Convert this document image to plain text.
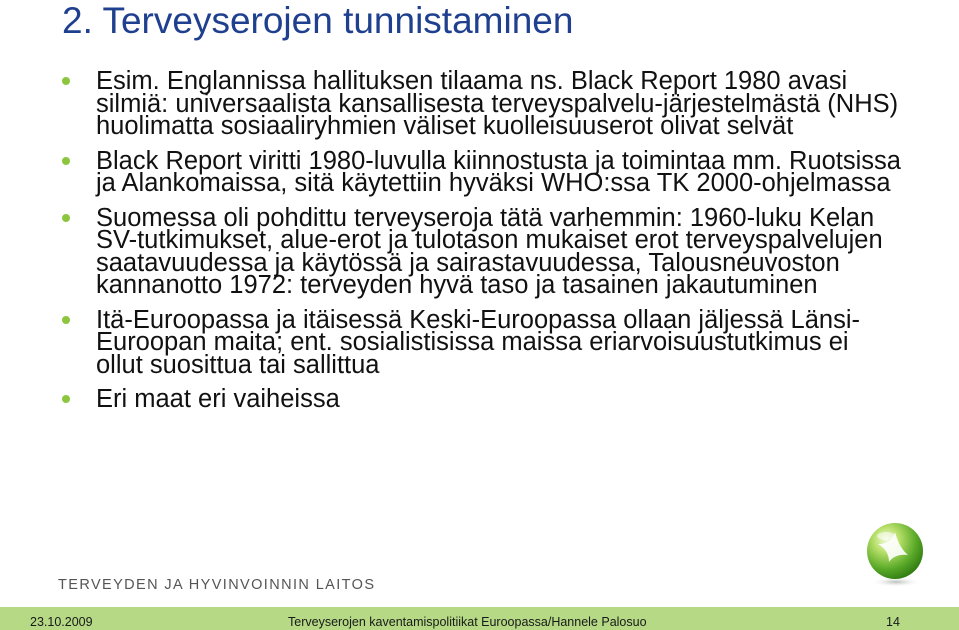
2. Terveyserojen tunnistaminen
Esim. Englannissa hallituksen tilaama ns. Black Report 1980 avasi silmiä: universaalista kansallisesta terveyspalvelu-järjestelmästä (NHS) huolimatta sosiaaliryhmien väliset kuolleisuuserot olivat selvät
Black Report viritti 1980-luvulla kiinnostusta ja toimintaa mm. Ruotsissa ja Alankomaissa, sitä käytettiin hyväksi WHO:ssa TK 2000-ohjelmassa
Suomessa oli pohdittu terveyseroja tätä varhemmin: 1960-luku Kelan SV-tutkimukset, alue-erot ja tulotason mukaiset erot terveyspalvelujen saatavuudessa ja käytössä ja sairastavuudessa, Talousneuvoston kannanotto 1972: terveyden hyvä taso ja tasainen jakautuminen
Itä-Euroopassa ja itäisessä Keski-Euroopassa ollaan jäljessä Länsi-Euroopan maita; ent. sosialistisissa maissa eriarvoisuustutkimus ei ollut suosittua tai sallittua
Eri maat eri vaiheissa
TERVEYDEN JA HYVINVOINNIN LAITOS
23.10.2009	Terveyserojen kaventamispolitiikat Euroopassa/Hannele Palosuo	14
